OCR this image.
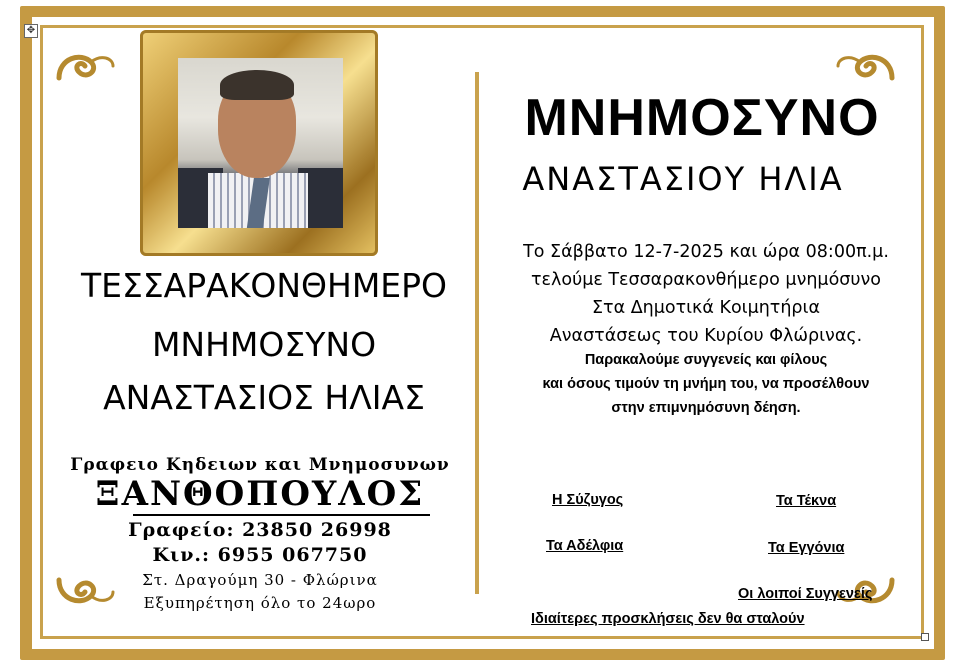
✥
ΤΕΣΣΑΡΑΚΟΝΘΗΜΕΡΟ
ΜΝΗΜΟΣΥΝΟ
ΑΝΑΣΤΑΣΙΟΣ ΗΛΙΑΣ
Γραφειο Κηδειων και Μνημοσυνων
ΞΑΝΘΟΠΟΥΛΟΣ
Γραφείο: 23850 26998
Κιν.: 6955 067750
Στ. Δραγούμη 30 - Φλώρινα
Εξυπηρέτηση όλο το 24ωρο
ΜΝΗΜΟΣΥΝΟ
ΑΝΑΣΤΑΣΙΟΥ ΗΛΙΑ
Το Σάββατο 12-7-2025 και ώρα 08:00π.μ.
τελούμε Τεσσαρακονθήμερο μνημόσυνο
Στα Δημοτικά Κοιμητήρια
Αναστάσεως του Κυρίου Φλώρινας.
Παρακαλούμε συγγενείς και φίλους
και όσους τιμούν τη μνήμη του, να προσέλθουν
στην επιμνημόσυνη δέηση.
Η Σύζυγος	Τα Τέκνα
Τα Αδέλφια	Τα Εγγόνια
Οι λοιποί Συγγενείς
Ιδιαίτερες προσκλήσεις δεν θα σταλούν
